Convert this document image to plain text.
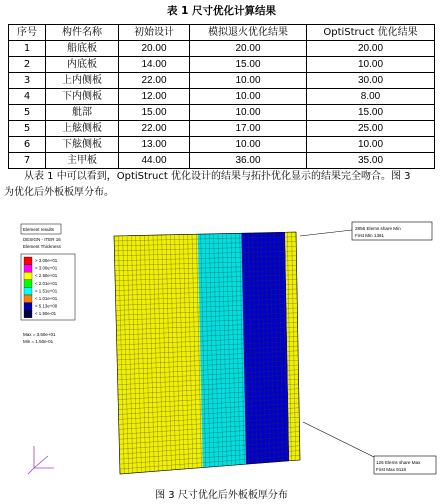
表 1 尺寸优化计算结果
序号	构件名称	初始设计	模拟退火优化结果	OptiStruct 优化结果
1	船底板	20.00	20.00	20.00
2	内底板	14.00	15.00	10.00
3	上内侧板	22.00	10.00	30.00
4	下内侧板	12.00	10.00	8.00
5	舭部	15.00	10.00	15.00
5	上舷侧板	22.00	17.00	25.00
6	下舷侧板	13.00	10.00	10.00
7	主甲板	44.00	36.00	35.00
从表 1 中可以看到，OptiStruct 优化设计的结果与拓扑优化显示的结果完全吻合。图 3
为优化后外板板厚分布。
Element results
DESIGN - ITER 16
Element Thickness
> 3.00e+01
< 3.00e+01
< 2.50e+01
< 2.01e+01
< 1.51e+01
< 1.01e+01
< 5.13e+00
< 1.50e-01
Max = 3.50e+01
Min = 1.50e-01
2856 Elems share Min
First Min 1361
126 Elems share Max
First Max 9118
图 3 尺寸优化后外板板厚分布
